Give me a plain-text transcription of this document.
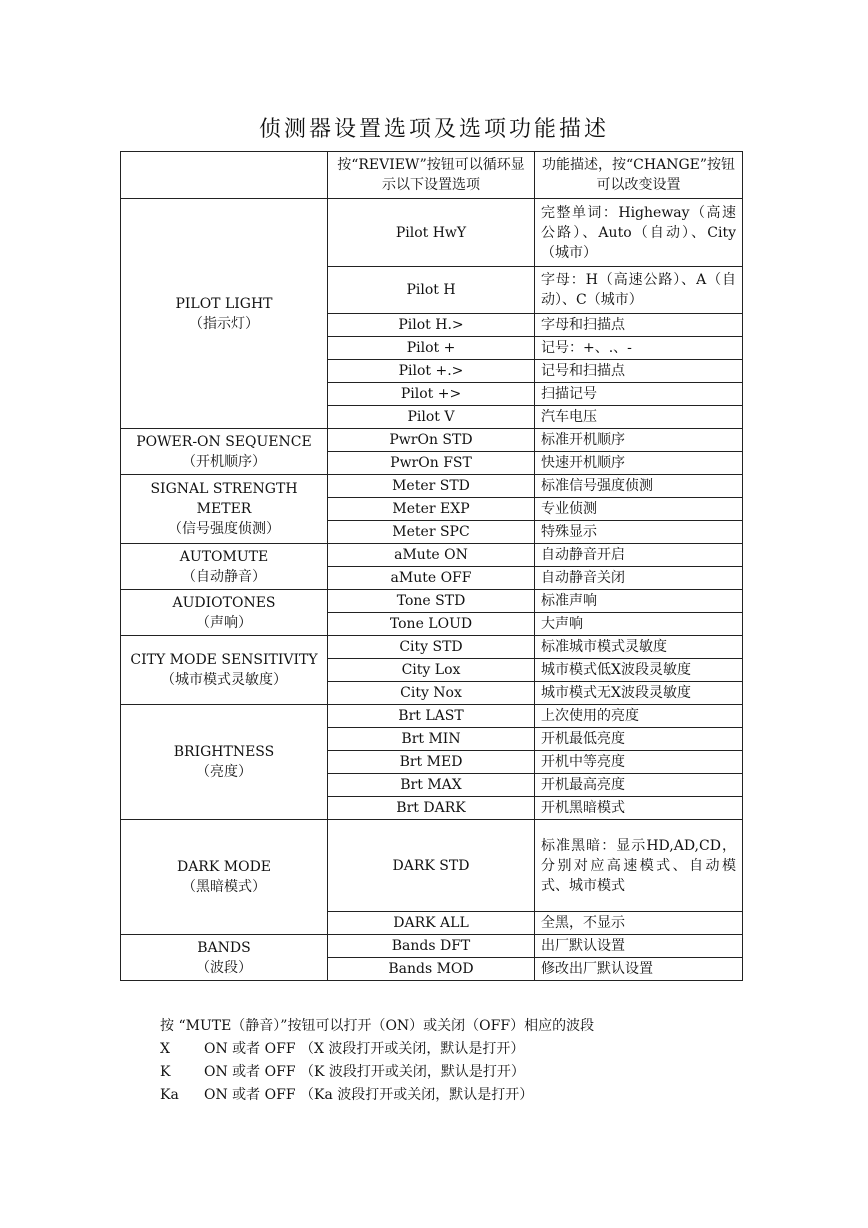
侦测器设置选项及选项功能描述
	按“REVIEW”按钮可以循环显示以下设置选项	功能描述，按“CHANGE”按钮可以改变设置

PILOT LIGHT
（指示灯）	Pilot HwY	完整单词：Higheway（高速公路）、Auto（自动）、City（城市）
	Pilot H	字母：H（高速公路）、A（自动）、C（城市）
	Pilot H.>	字母和扫描点
	Pilot +	记号：+、.、-
	Pilot +.>	记号和扫描点
	Pilot +>	扫描记号
	Pilot V	汽车电压

POWER-ON SEQUENCE
（开机顺序）	PwrOn STD	标准开机顺序
	PwrOn FST	快速开机顺序

SIGNAL STRENGTH METER
（信号强度侦测）	Meter STD	标准信号强度侦测
	Meter EXP	专业侦测
	Meter SPC	特殊显示

AUTOMUTE
（自动静音）	aMute ON	自动静音开启
	aMute OFF	自动静音关闭

AUDIOTONES
（声响）	Tone STD	标准声响
	Tone LOUD	大声响

CITY MODE SENSITIVITY
（城市模式灵敏度）	City STD	标准城市模式灵敏度
	City Lox	城市模式低X波段灵敏度
	City Nox	城市模式无X波段灵敏度

BRIGHTNESS
（亮度）	Brt LAST	上次使用的亮度
	Brt MIN	开机最低亮度
	Brt MED	开机中等亮度
	Brt MAX	开机最高亮度
	Brt DARK	开机黑暗模式

DARK MODE
（黑暗模式）	DARK STD	标准黑暗：显示HD,AD,CD，分别对应高速模式、自动模式、城市模式
	DARK ALL	全黑，不显示

BANDS
（波段）	Bands DFT	出厂默认设置
	Bands MOD	修改出厂默认设置
按 “MUTE（静音）”按钮可以打开（ON）或关闭（OFF）相应的波段
X ON 或者 OFF （X 波段打开或关闭，默认是打开）
K ON 或者 OFF （K 波段打开或关闭，默认是打开）
Ka ON 或者 OFF （Ka 波段打开或关闭，默认是打开）
